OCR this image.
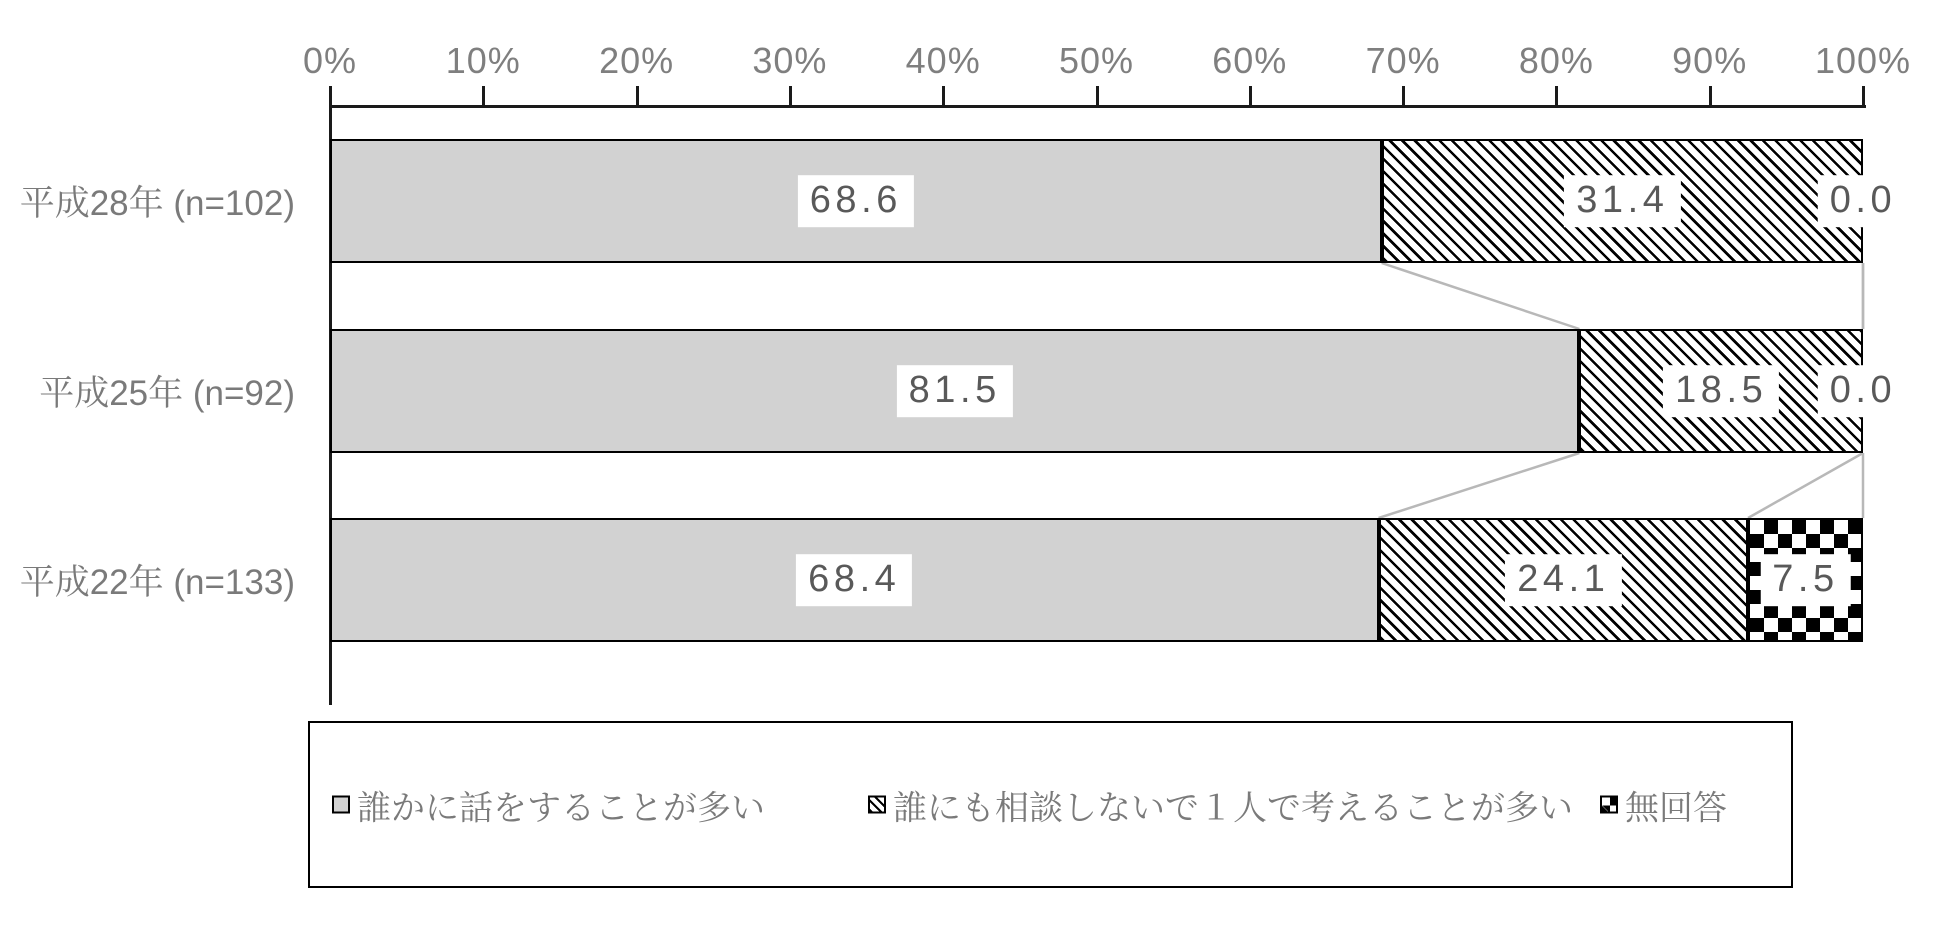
0% 10% 20% 30% 40% 50% 60% 70% 80% 90% 100%
68.6	31.4	0.0
81.5	18.5	0.0
68.4	24.1	7.5
平成28年 (n=102)
平成25年 (n=92)
平成22年 (n=133)
誰かに話をすることが多い	誰にも相談しないで１人で考えることが多い 無回答
